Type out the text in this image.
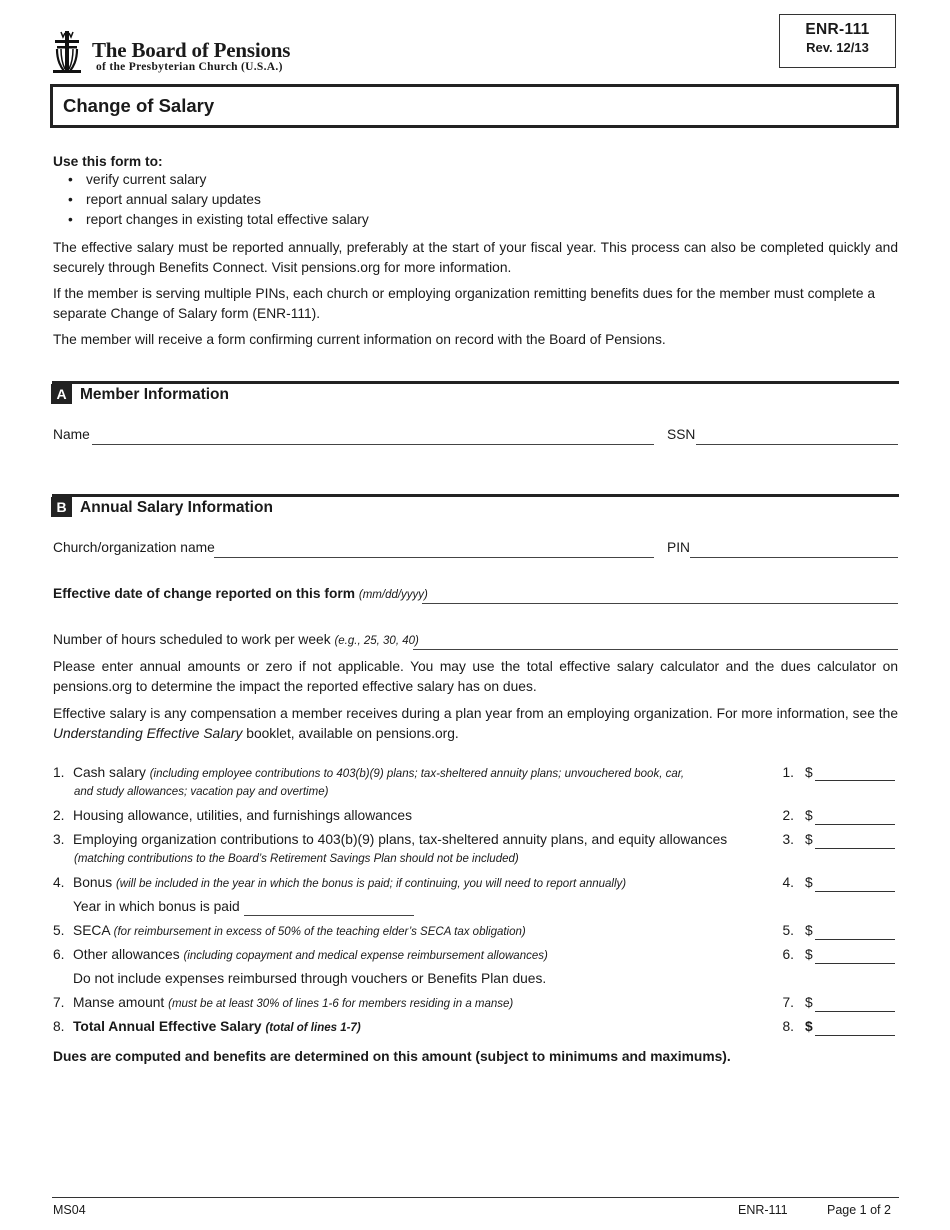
The Board of Pensions
of the Presbyterian Church (U.S.A.)
ENR-111
Rev. 12/13
Change of Salary
Use this form to:
• verify current salary
• report annual salary updates
• report changes in existing total effective salary
The effective salary must be reported annually, preferably at the start of your fiscal year. This process can also be completed quickly and securely through Benefits Connect. Visit pensions.org for more information.
If the member is serving multiple PINs, each church or employing organization remitting benefits dues for the member must complete a separate Change of Salary form (ENR-111).
The member will receive a form confirming current information on record with the Board of Pensions.
A Member Information
Name	SSN
B Annual Salary Information
Church/organization name	PIN
Effective date of change reported on this form (mm/dd/yyyy)
Number of hours scheduled to work per week (e.g., 25, 30, 40)
Please enter annual amounts or zero if not applicable. You may use the total effective salary calculator and the dues calculator on pensions.org to determine the impact the reported effective salary has on dues.
Effective salary is any compensation a member receives during a plan year from an employing organization. For more information, see the Understanding Effective Salary booklet, available on pensions.org.
1. Cash salary (including employee contributions to 403(b)(9) plans; tax-sheltered annuity plans; unvouchered book, car,
and study allowances; vacation pay and overtime)
1. $
2. Housing allowance, utilities, and furnishings allowances	2. $
3. Employing organization contributions to 403(b)(9) plans, tax-sheltered annuity plans, and equity allowances
(matching contributions to the Board’s Retirement Savings Plan should not be included)
3. $
4. Bonus (will be included in the year in which the bonus is paid; if continuing, you will need to report annually)	4. $
Year in which bonus is paid
5. SECA (for reimbursement in excess of 50% of the teaching elder’s SECA tax obligation)	5. $
6. Other allowances (including copayment and medical expense reimbursement allowances)	6. $
Do not include expenses reimbursed through vouchers or Benefits Plan dues.
7. Manse amount (must be at least 30% of lines 1-6 for members residing in a manse)	7. $
8. Total Annual Effective Salary (total of lines 1-7)	8. $
Dues are computed and benefits are determined on this amount (subject to minimums and maximums).
MS04	ENR-111	Page 1 of 2
